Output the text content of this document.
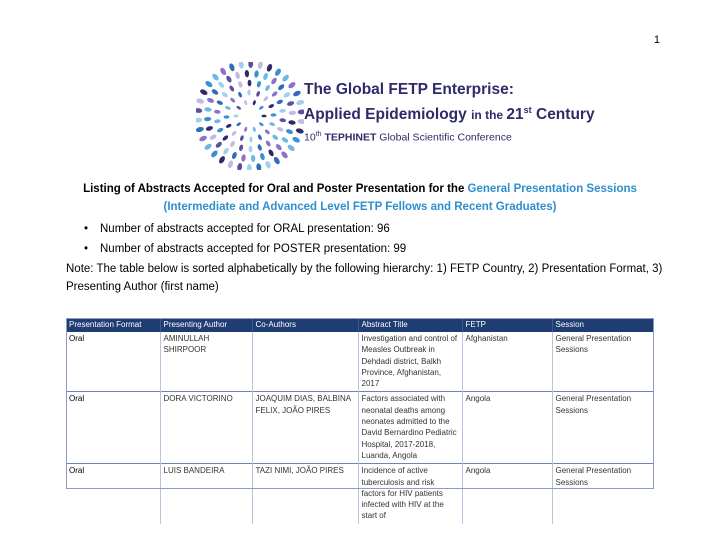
1
The Global FETP Enterprise:
Applied Epidemiology in the 21st Century
10th TEPHINET Global Scientific Conference
Listing of Abstracts Accepted for Oral and Poster Presentation for the General Presentation Sessions
(Intermediate and Advanced Level FETP Fellows and Recent Graduates)
• Number of abstracts accepted for ORAL presentation: 96
• Number of abstracts accepted for POSTER presentation: 99
Note: The table below is sorted alphabetically by the following hierarchy: 1) FETP Country, 2) Presentation Format, 3) Presenting Author (first name)
Presentation Format	Presenting Author	Co-Authors	Abstract Title	FETP	Session
Oral	AMINULLAH SHIRPOOR		Investigation and control of Measles Outbreak in Dehdadi district, Balkh Province, Afghanistan, 2017	Afghanistan	General Presentation Sessions
Oral	DORA VICTORINO	JOAQUIM DIAS, BALBINA FELIX, JOÃO PIRES	Factors associated with neonatal deaths among neonates admitted to the David Bernardino Pediatric Hospital, 2017-2018, Luanda, Angola	Angola	General Presentation Sessions
Oral	LUIS BANDEIRA	TAZI NIMI, JOÃO PIRES	Incidence of active tuberculosis and risk factors for HIV patients infected with HIV at the start of	Angola	General Presentation Sessions
